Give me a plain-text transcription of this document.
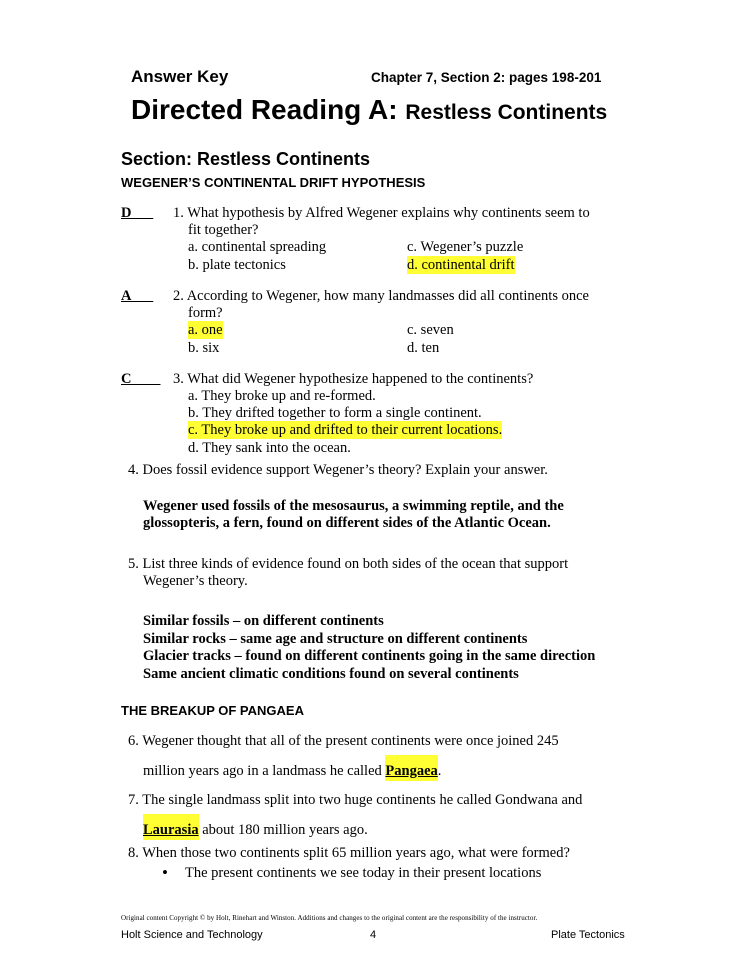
Answer Key	Chapter 7, Section 2: pages 198-201
Directed Reading A: Restless Continents
Section: Restless Continents
WEGENER’S CONTINENTAL DRIFT HYPOTHESIS
D	1. What hypothesis by Alfred Wegener explains why continents seem to
fit together?
a. continental spreading
b. plate tectonics
c. Wegener’s puzzle
d. continental drift
A	2. According to Wegener, how many landmasses did all continents once
form?
a. one
b. six
c. seven
d. ten
C	3. What did Wegener hypothesize happened to the continents?
a. They broke up and re-formed.
b. They drifted together to form a single continent.
c. They broke up and drifted to their current locations.
d. They sank into the ocean.
4. Does fossil evidence support Wegener’s theory? Explain your answer.
Wegener used fossils of the mesosaurus, a swimming reptile, and the
glossopteris, a fern, found on different sides of the Atlantic Ocean.
5. List three kinds of evidence found on both sides of the ocean that support
Wegener’s theory.
Similar fossils – on different continents
Similar rocks – same age and structure on different continents
Glacier tracks – found on different continents going in the same direction
Same ancient climatic conditions found on several continents
THE BREAKUP OF PANGAEA
6. Wegener thought that all of the present continents were once joined 245
million years ago in a landmass he called Pangaea.
7. The single landmass split into two huge continents he called Gondwana and
Laurasia about 180 million years ago.
8. When those two continents split 65 million years ago, what were formed?
• The present continents we see today in their present locations
Original content Copyright © by Holt, Rinehart and Winston. Additions and changes to the original content are the responsibility of the instructor.
Holt Science and Technology	4	Plate Tectonics
